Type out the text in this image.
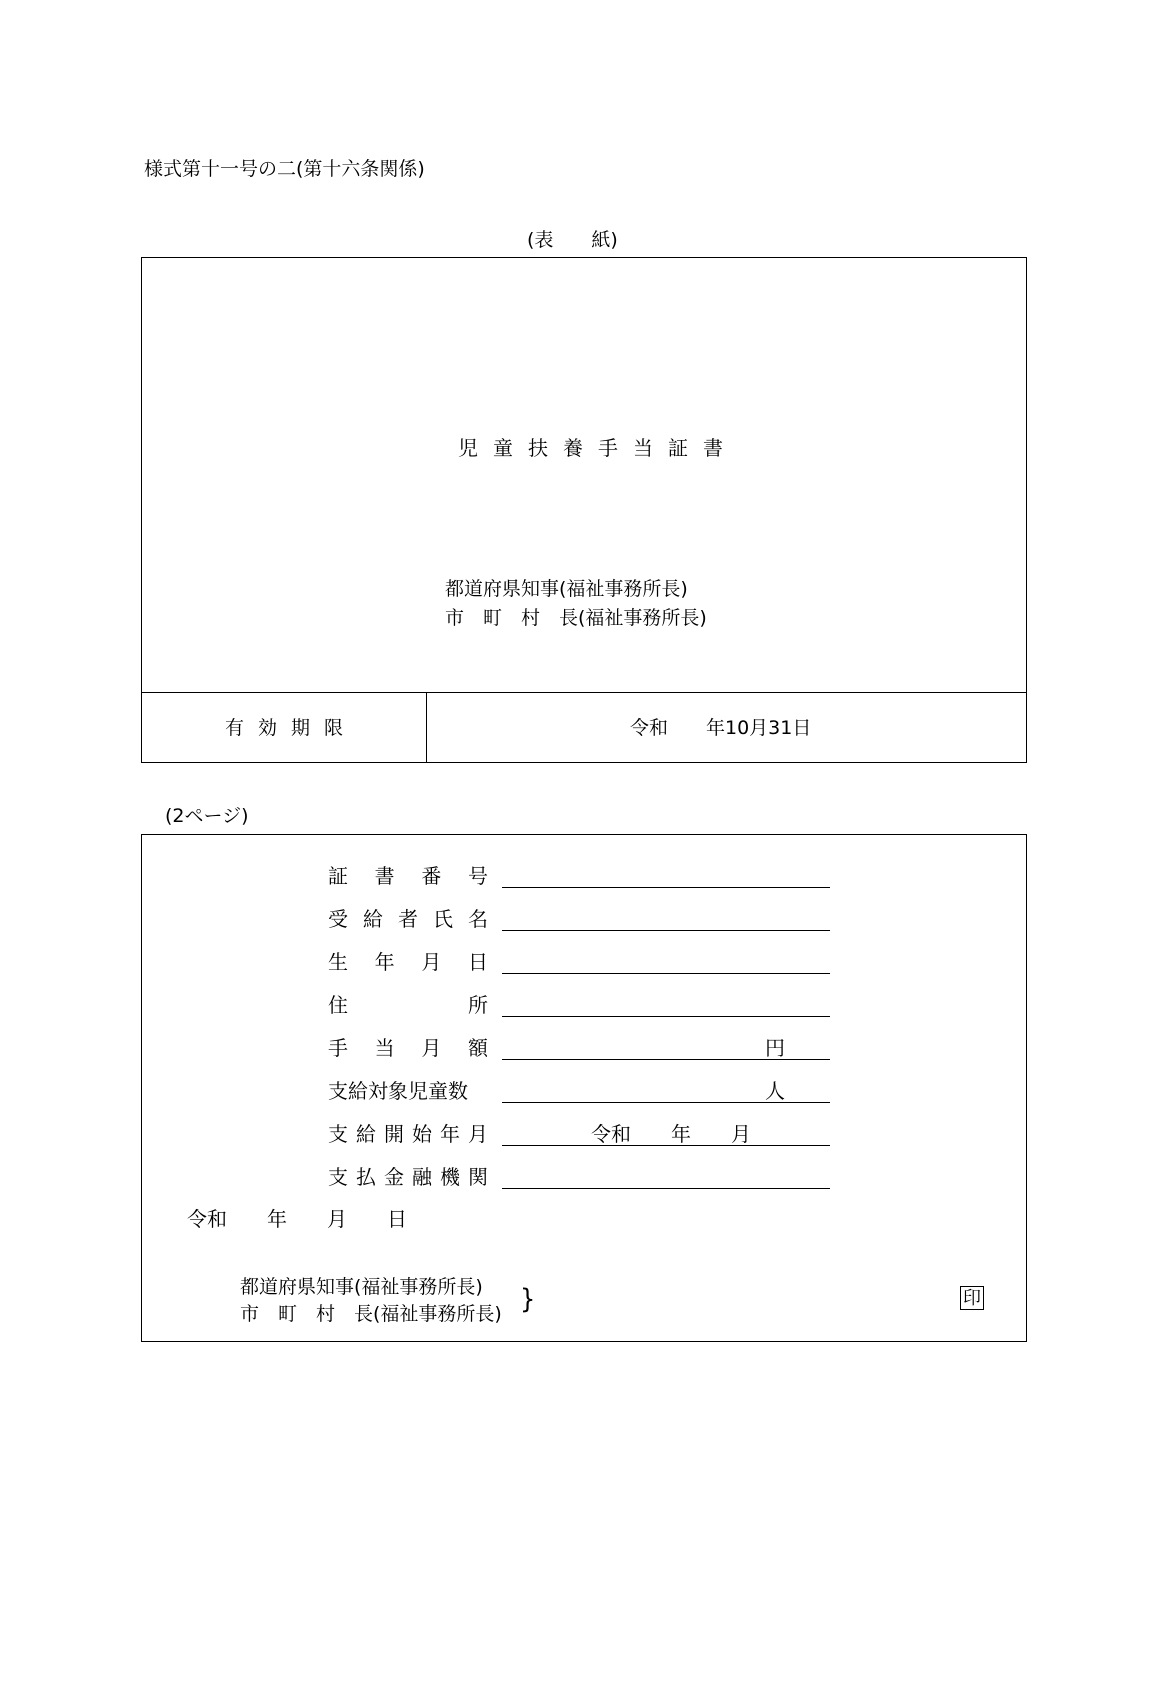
様式第十一号の二(第十六条関係)
(表　　紙)
児童扶養手当証書
都道府県知事(福祉事務所長)
市　町　村　長(福祉事務所長)
有効期限	令和　　年10月31日
(2ページ)
証 書 番 号
受 給 者 氏 名
生 年 月 日
住	所
手 当 月 額	円
支給対象児童数	人
支 給 開 始 年 月	令和　　年　　月
支 払 金 融 機 関
令和　　年　　月　　日
都道府県知事(福祉事務所長)
市　町　村　長(福祉事務所長) }	印
